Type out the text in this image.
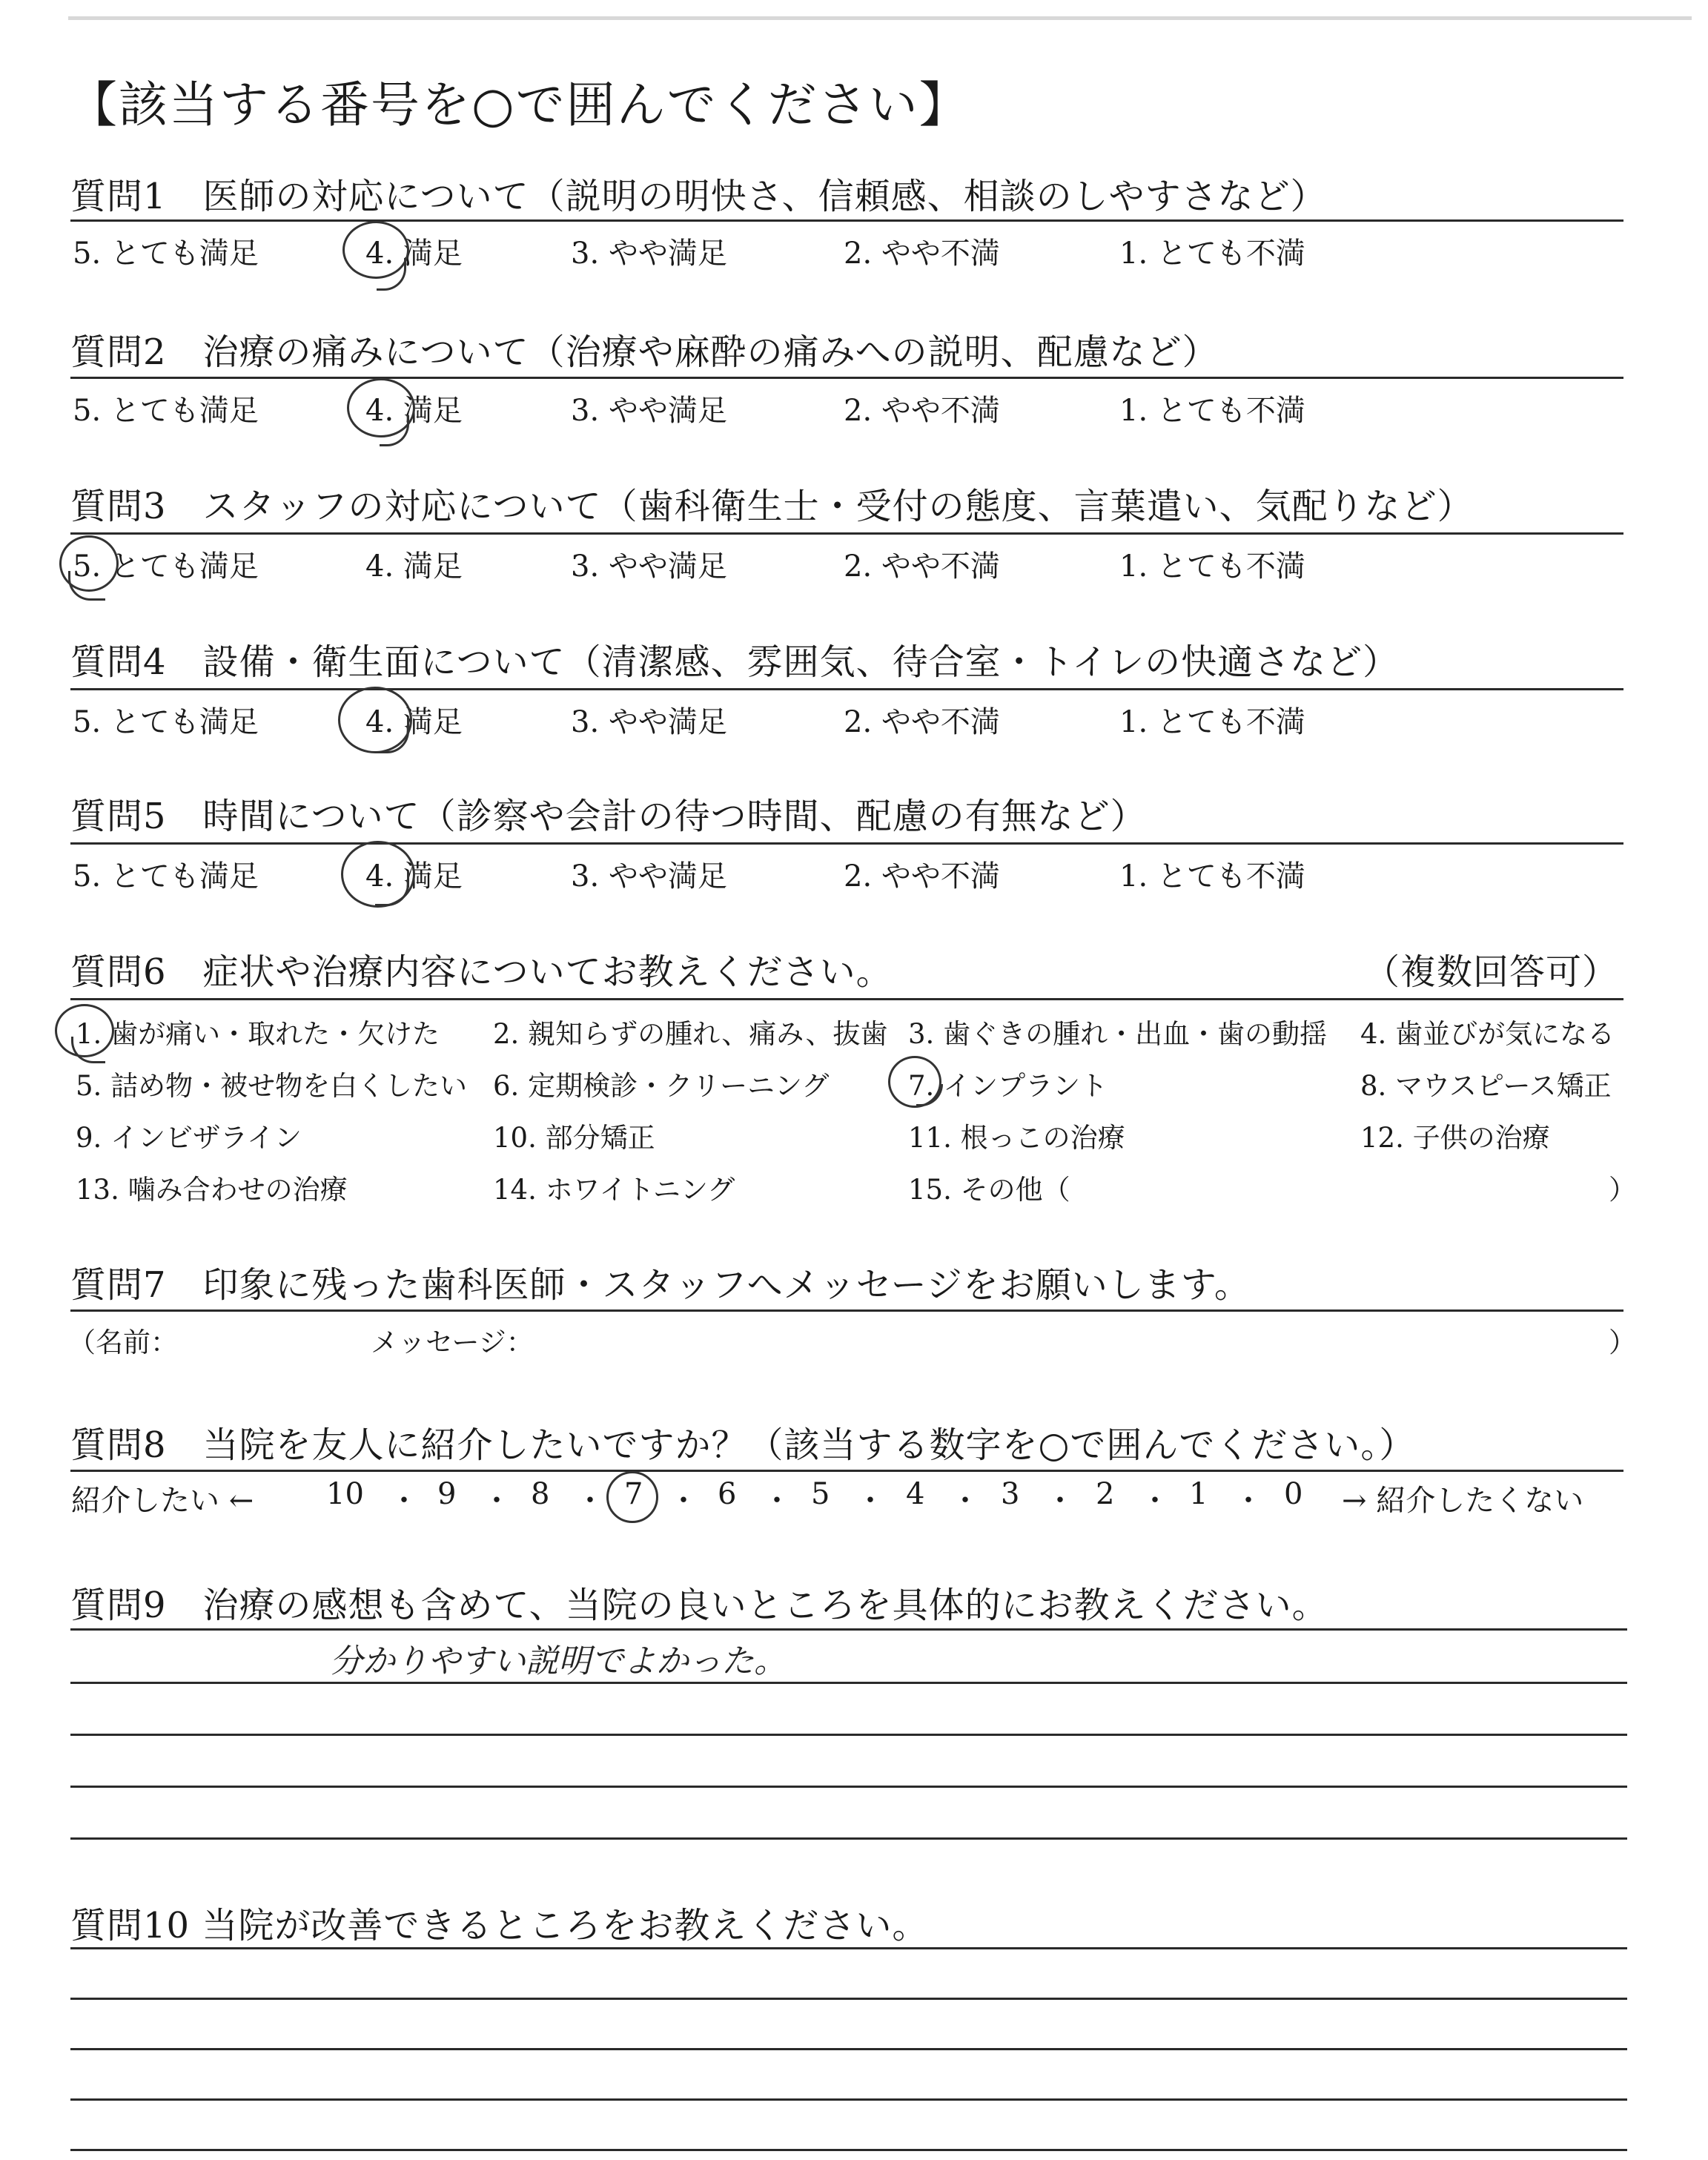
【該当する番号を○で囲んでください】
質問1　医師の対応について（説明の明快さ、信頼感、相談のしやすさなど）
5. とても満足	4. 満足	3. やや満足	2. やや不満	1. とても不満
質問2　治療の痛みについて（治療や麻酔の痛みへの説明、配慮など）
5. とても満足	4. 満足	3. やや満足	2. やや不満	1. とても不満
質問3　スタッフの対応について（歯科衛生士・受付の態度、言葉遣い、気配りなど）
5. とても満足	4. 満足	3. やや満足	2. やや不満	1. とても不満
質問4　設備・衛生面について（清潔感、雰囲気、待合室・トイレの快適さなど）
5. とても満足	4. 満足	3. やや満足	2. やや不満	1. とても不満
質問5　時間について（診察や会計の待つ時間、配慮の有無など）
5. とても満足	4. 満足	3. やや満足	2. やや不満	1. とても不満
質問6　症状や治療内容についてお教えください。	（複数回答可）
1. 歯が痛い・取れた・欠けた 2. 親知らずの腫れ、痛み、抜歯 3. 歯ぐきの腫れ・出血・歯の動揺 4. 歯並びが気になる
5. 詰め物・被せ物を白くしたい 6. 定期検診・クリーニング	7. インプラント	8. マウスピース矯正
9. インビザライン	10. 部分矯正	11. 根っこの治療	12. 子供の治療
13. 噛み合わせの治療	14. ホワイトニング	15. その他（	）
質問7　印象に残った歯科医師・スタッフへメッセージをお願いします。
（名前：	メッセージ：	）
質問8　当院を友人に紹介したいですか？（該当する数字を○で囲んでください。）
紹介したい ← 10 ・ 9 ・ 8 ・ 7 ・ 6 ・ 5 ・ 4 ・ 3 ・ 2 ・ 1 ・ 0 → 紹介したくない
質問9　治療の感想も含めて、当院の良いところを具体的にお教えください。
分かりやすい説明でよかった。
質問10 当院が改善できるところをお教えください。
